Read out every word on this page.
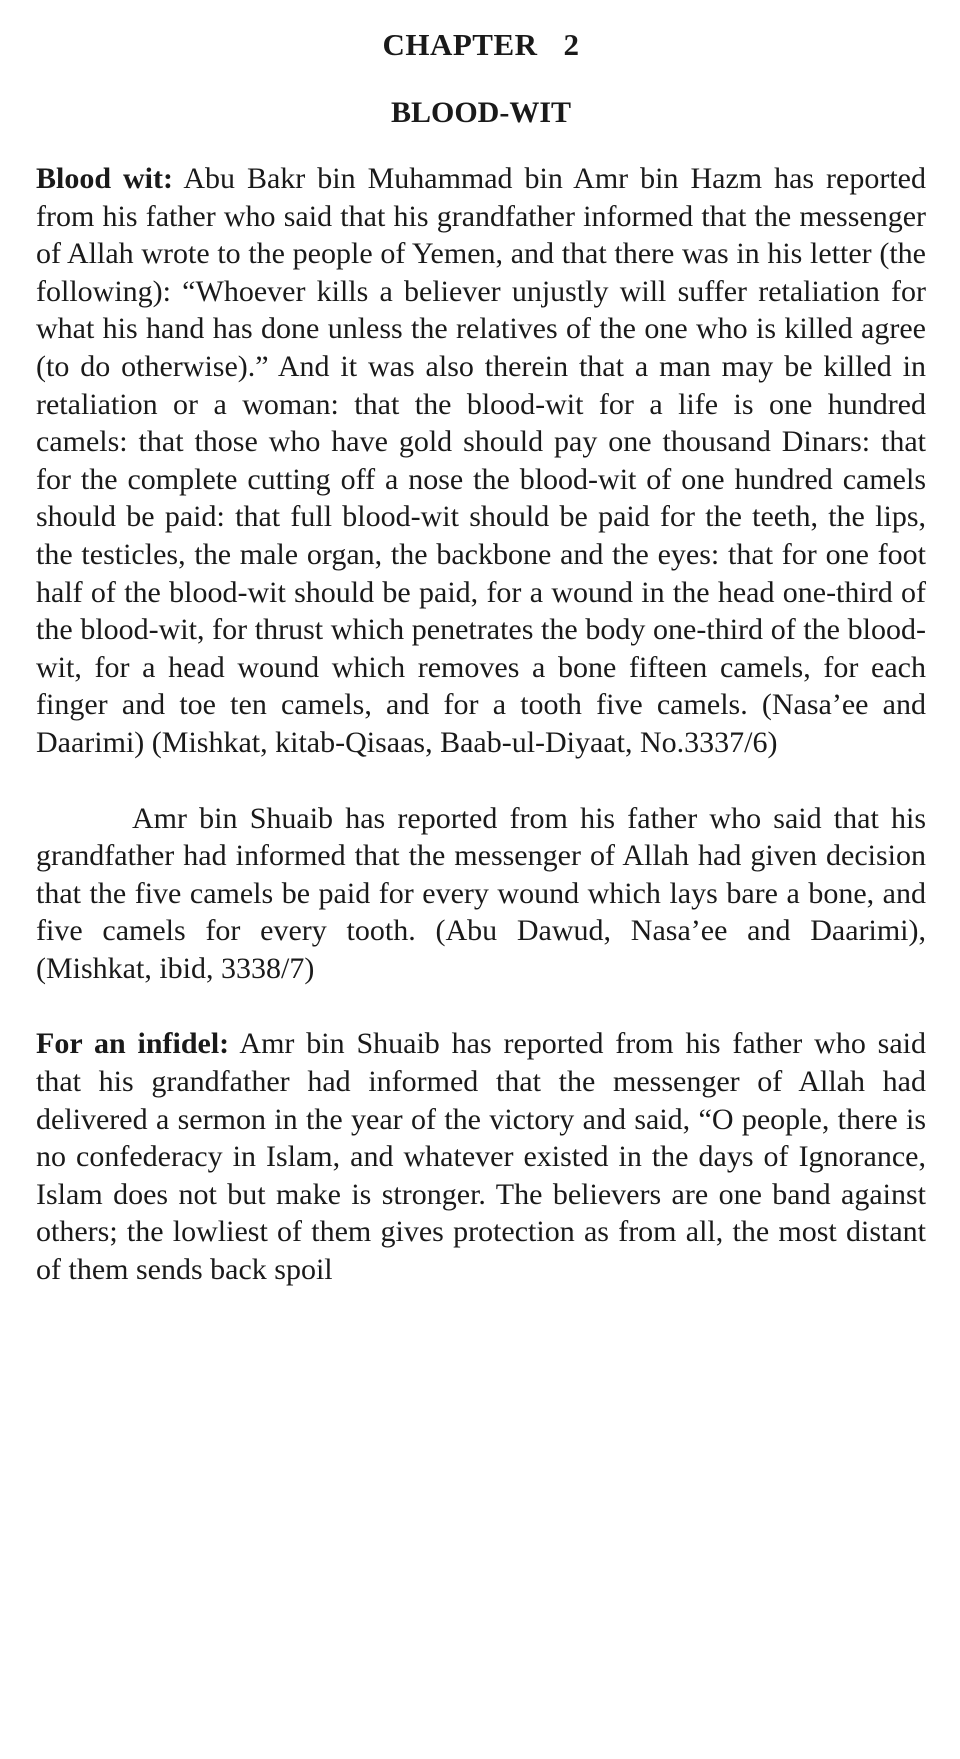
CHAPTER 2
BLOOD-WIT

Blood wit: Abu Bakr bin Muhammad bin Amr bin Hazm has reported from his father who said that his grandfather informed that the messenger of Allah wrote to the people of Yemen, and that there was in his letter (the following): “Whoever kills a believer unjustly will suffer retaliation for what his hand has done unless the relatives of the one who is killed agree (to do otherwise).” And it was also therein that a man may be killed in retaliation or a woman: that the blood-wit for a life is one hundred camels: that those who have gold should pay one thousand Dinars: that for the complete cutting off a nose the blood-wit of one hundred camels should be paid: that full blood-wit should be paid for the teeth, the lips, the testicles, the male organ, the backbone and the eyes: that for one foot half of the blood-wit should be paid, for a wound in the head one-third of the blood-wit, for thrust which penetrates the body one-third of the blood-wit, for a head wound which removes a bone fifteen camels, for each finger and toe ten camels, and for a tooth five camels. (Nasa’ee and Daarimi) (Mishkat, kitab-Qisaas, Baab-ul-Diyaat, No.3337/6)

Amr bin Shuaib has reported from his father who said that his grandfather had informed that the messenger of Allah had given decision that the five camels be paid for every wound which lays bare a bone, and five camels for every tooth. (Abu Dawud, Nasa’ee and Daarimi), (Mishkat, ibid, 3338/7)

For an infidel: Amr bin Shuaib has reported from his father who said that his grandfather had informed that the messenger of Allah had delivered a sermon in the year of the victory and said, “O people, there is no confederacy in Islam, and whatever existed in the days of Ignorance, Islam does not but make is stronger. The believers are one band against others; the lowliest of them gives protection as from all, the most distant of them sends back spoil
